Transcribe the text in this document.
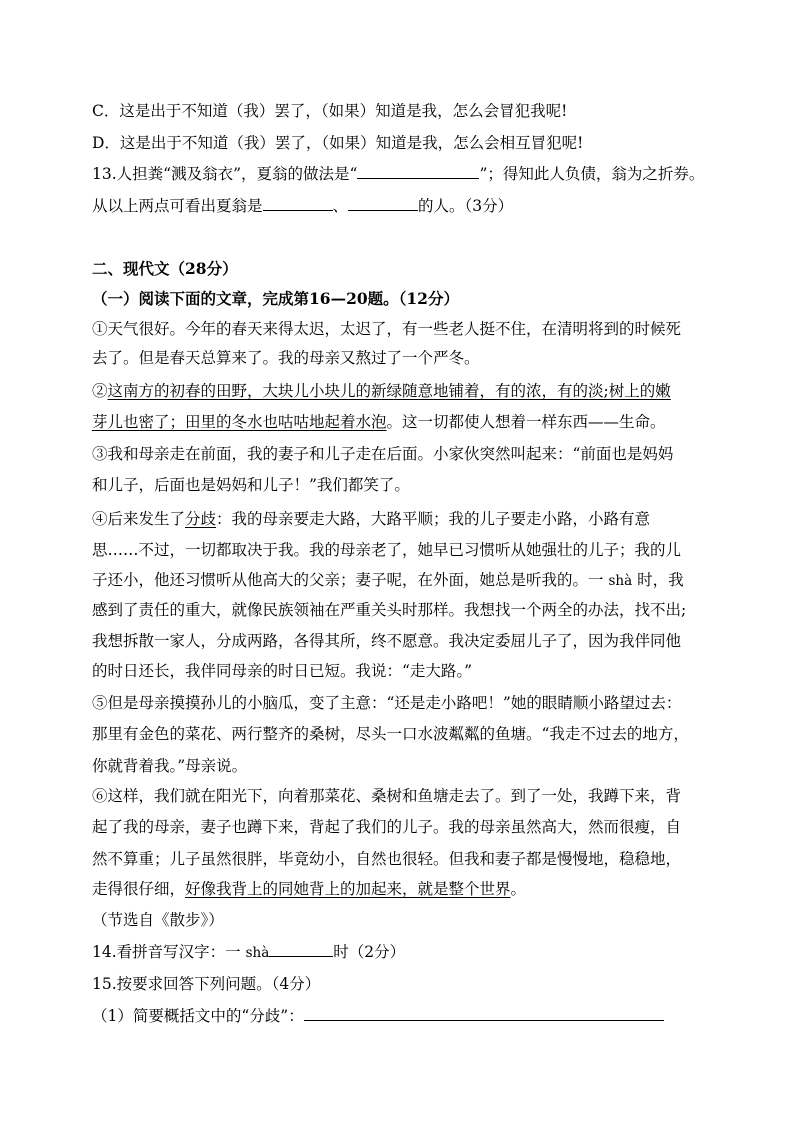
C．这是出于不知道（我）罢了，（如果）知道是我，怎么会冒犯我呢!
D．这是出于不知道（我）罢了，（如果）知道是我，怎么会相互冒犯呢!
13.人担粪“溅及翁衣”，夏翁的做法是“	”；得知此人负债，翁为之折券。
从以上两点可看出夏翁是	、	的人。（3分）
二、现代文（28分）
（一）阅读下面的文章，完成第16—20题。（12分）
①天气很好。今年的春天来得太迟，太迟了，有一些老人挺不住，在清明将到的时候死
去了。但是春天总算来了。我的母亲又熬过了一个严冬。
②这南方的初春的田野，大块儿小块儿的新绿随意地铺着，有的浓，有的淡;树上的嫩
芽儿也密了；田里的冬水也咕咕地起着水泡。这一切都使人想着一样东西——生命。
③我和母亲走在前面，我的妻子和儿子走在后面。小家伙突然叫起来：“前面也是妈妈
和儿子，后面也是妈妈和儿子！”我们都笑了。
④后来发生了分歧：我的母亲要走大路，大路平顺；我的儿子要走小路，小路有意
思……不过，一切都取决于我。我的母亲老了，她早已习惯听从她强壮的儿子；我的儿
子还小，他还习惯听从他高大的父亲；妻子呢，在外面，她总是听我的。一 shà 时，我
感到了责任的重大，就像民族领袖在严重关头时那样。我想找一个两全的办法，找不出;
我想拆散一家人，分成两路，各得其所，终不愿意。我决定委屈儿子了，因为我伴同他
的时日还长，我伴同母亲的时日已短。我说：“走大路。”
⑤但是母亲摸摸孙儿的小脑瓜，变了主意：“还是走小路吧！”她的眼睛顺小路望过去：
那里有金色的菜花、两行整齐的桑树，尽头一口水波粼粼的鱼塘。“我走不过去的地方，
你就背着我。”母亲说。
⑥这样，我们就在阳光下，向着那菜花、桑树和鱼塘走去了。到了一处，我蹲下来，背
起了我的母亲，妻子也蹲下来，背起了我们的儿子。我的母亲虽然高大，然而很瘦，自
然不算重；儿子虽然很胖，毕竟幼小，自然也很轻。但我和妻子都是慢慢地，稳稳地，
走得很仔细，好像我背上的同她背上的加起来，就是整个世界。
（节选自《散步》）
14.看拼音写汉字：一 shà	时（2分）
15.按要求回答下列问题。（4分）
（1）简要概括文中的“分歧”：
